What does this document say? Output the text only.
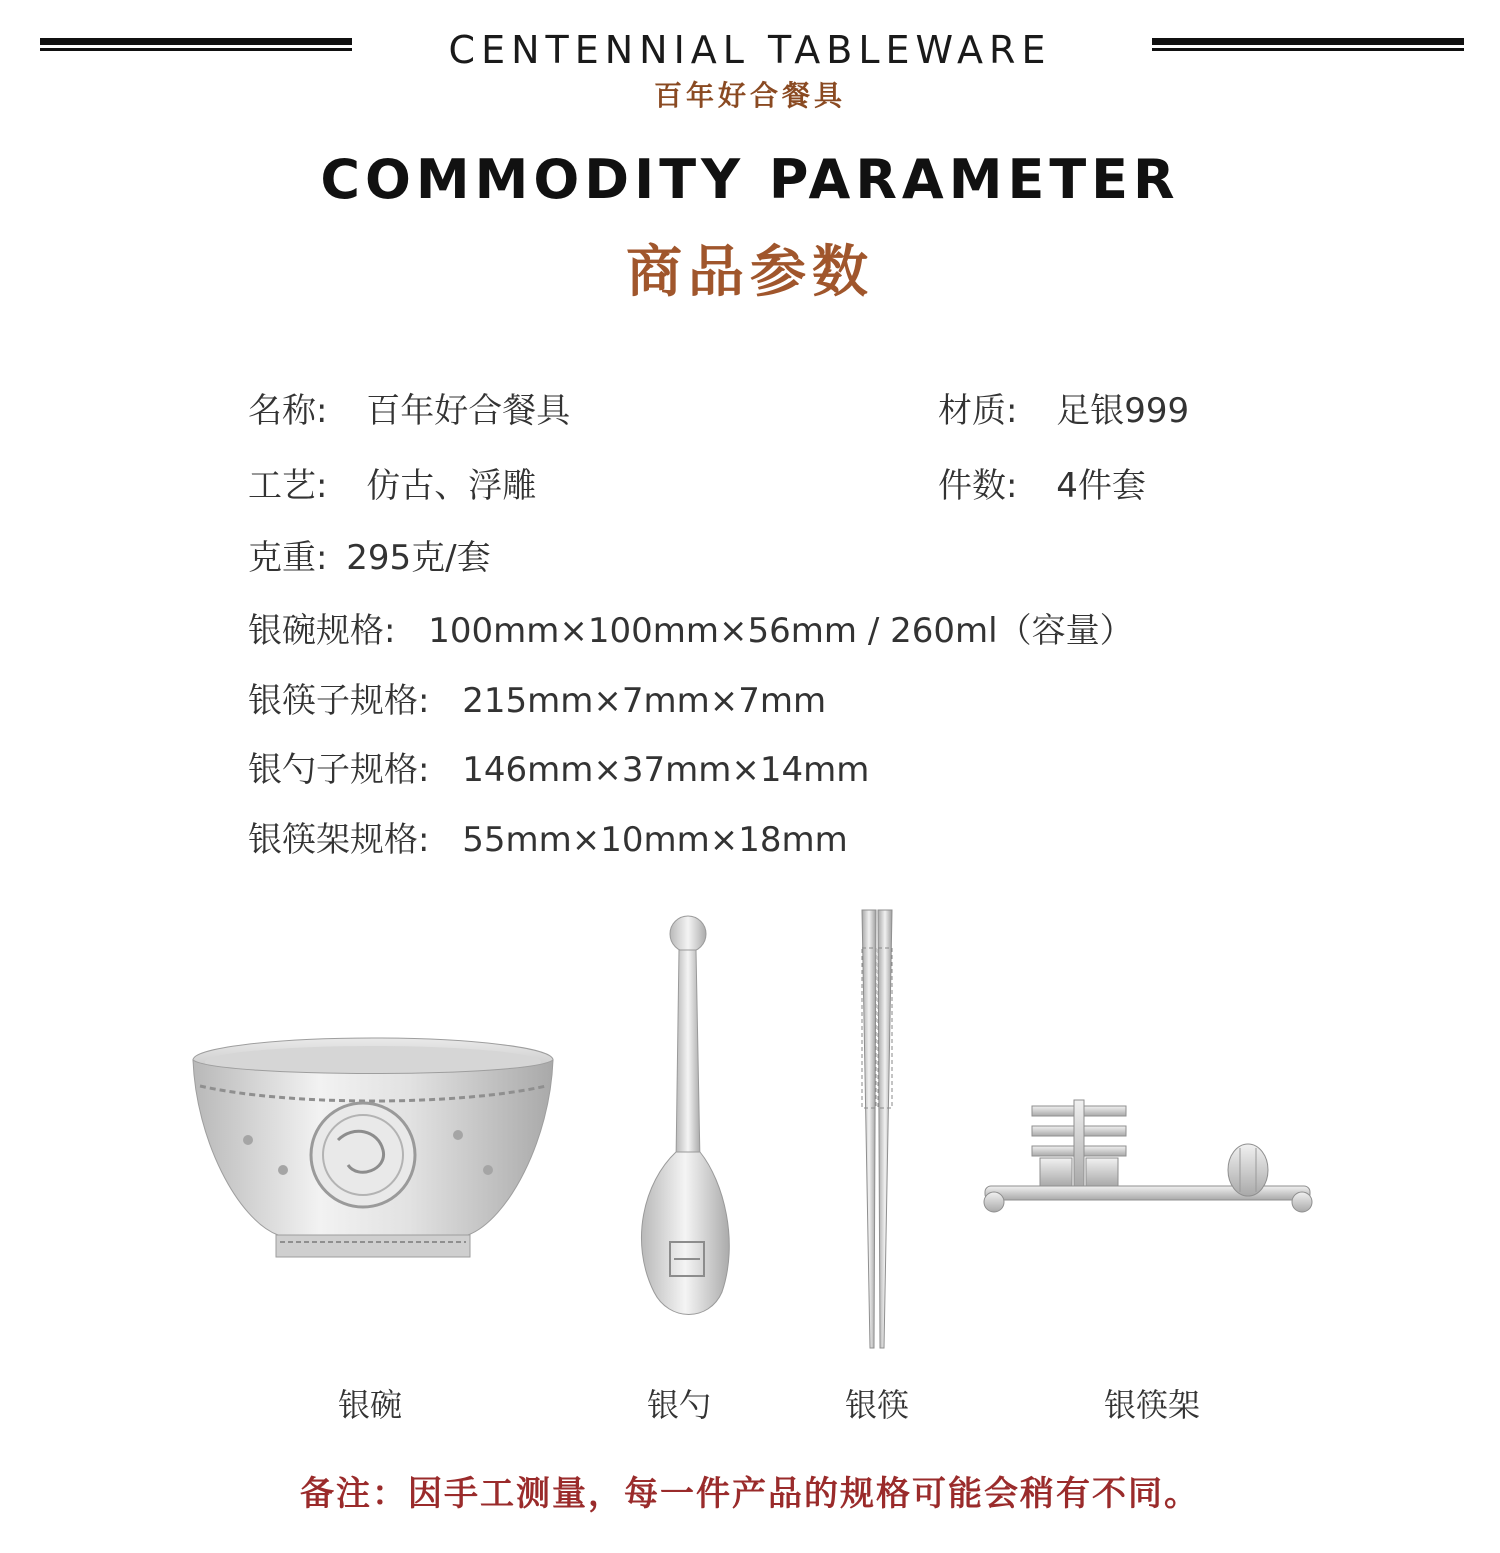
CENTENNIAL TABLEWARE
百年好合餐具
COMMODITY PARAMETER
商品参数
名称: 百年好合餐具	材质: 足银999
工艺: 仿古、浮雕	件数: 4件套
克重: 295克/套
银碗规格: 100mm×100mm×56mm / 260ml（容量）
银筷子规格: 215mm×7mm×7mm
银勺子规格: 146mm×37mm×14mm
银筷架规格: 55mm×10mm×18mm
银碗	银勺	银筷	银筷架
备注：因手工测量，每一件产品的规格可能会稍有不同。
